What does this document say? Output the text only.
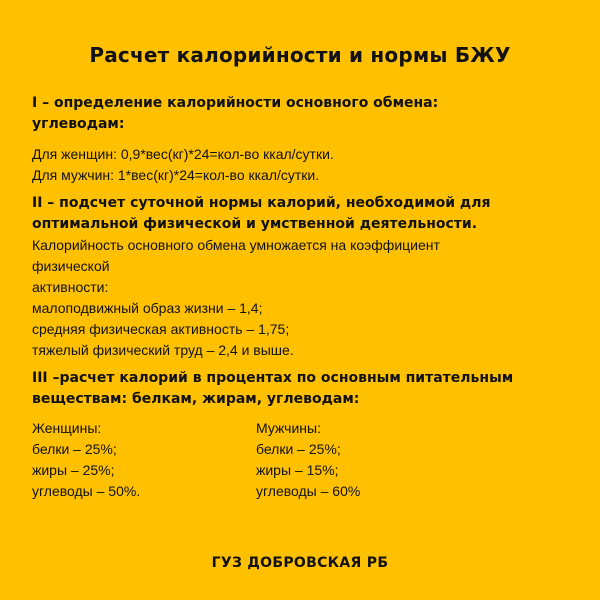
Расчет калорийности и нормы БЖУ

I – определение калорийности основного обмена:

углеводам:

Для женщин: 0,9*вес(кг)*24=кол-во ккал/сутки.

Для мужчин: 1*вес(кг)*24=кол-во ккал/сутки.

II – подсчет суточной нормы калорий, необходимой для

оптимальной физической и умственной деятельности.

Калорийность основного обмена умножается на коэффициент

физической

активности:

малоподвижный образ жизни – 1,4;

средняя физическая активность – 1,75;

тяжелый физический труд – 2,4 и выше.

III –расчет калорий в процентах по основным питательным

веществам: белкам, жирам, углеводам:

Женщины:

белки – 25%;

жиры – 25%;

углеводы – 50%.

Мужчины:

белки – 25%;

жиры – 15%;

углеводы – 60%

ГУЗ ДОБРОВСКАЯ РБ
